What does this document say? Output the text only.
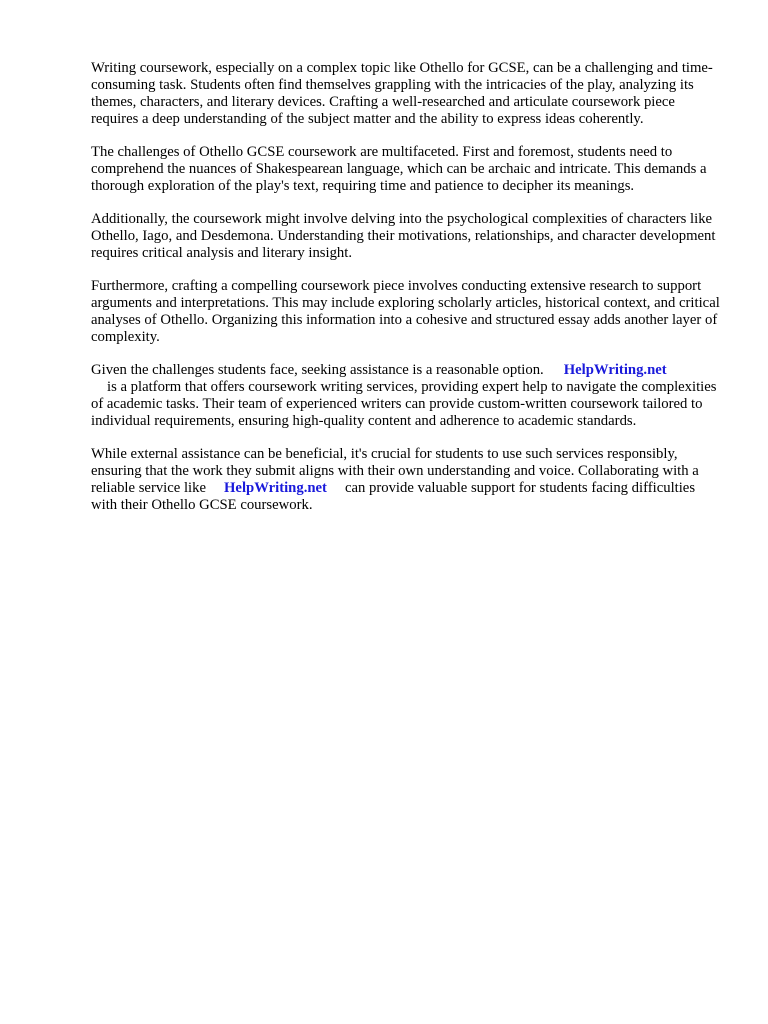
Writing coursework, especially on a complex topic like Othello for GCSE, can be a challenging and time-consuming task. Students often find themselves grappling with the intricacies of the play, analyzing its themes, characters, and literary devices. Crafting a well-researched and articulate coursework piece requires a deep understanding of the subject matter and the ability to express ideas coherently.

The challenges of Othello GCSE coursework are multifaceted. First and foremost, students need to comprehend the nuances of Shakespearean language, which can be archaic and intricate. This demands a thorough exploration of the play's text, requiring time and patience to decipher its meanings.

Additionally, the coursework might involve delving into the psychological complexities of characters like Othello, Iago, and Desdemona. Understanding their motivations, relationships, and character development requires critical analysis and literary insight.

Furthermore, crafting a compelling coursework piece involves conducting extensive research to support arguments and interpretations. This may include exploring scholarly articles, historical context, and critical analyses of Othello. Organizing this information into a cohesive and structured essay adds another layer of complexity.

Given the challenges students face, seeking assistance is a reasonable option. HelpWriting.net
is a platform that offers coursework writing services, providing expert help to navigate the complexities of academic tasks. Their team of experienced writers can provide custom-written coursework tailored to individual requirements, ensuring high-quality content and adherence to academic standards.

While external assistance can be beneficial, it's crucial for students to use such services responsibly, ensuring that the work they submit aligns with their own understanding and voice. Collaborating with a reliable service like HelpWriting.net can provide valuable support for students facing difficulties with their Othello GCSE coursework.
